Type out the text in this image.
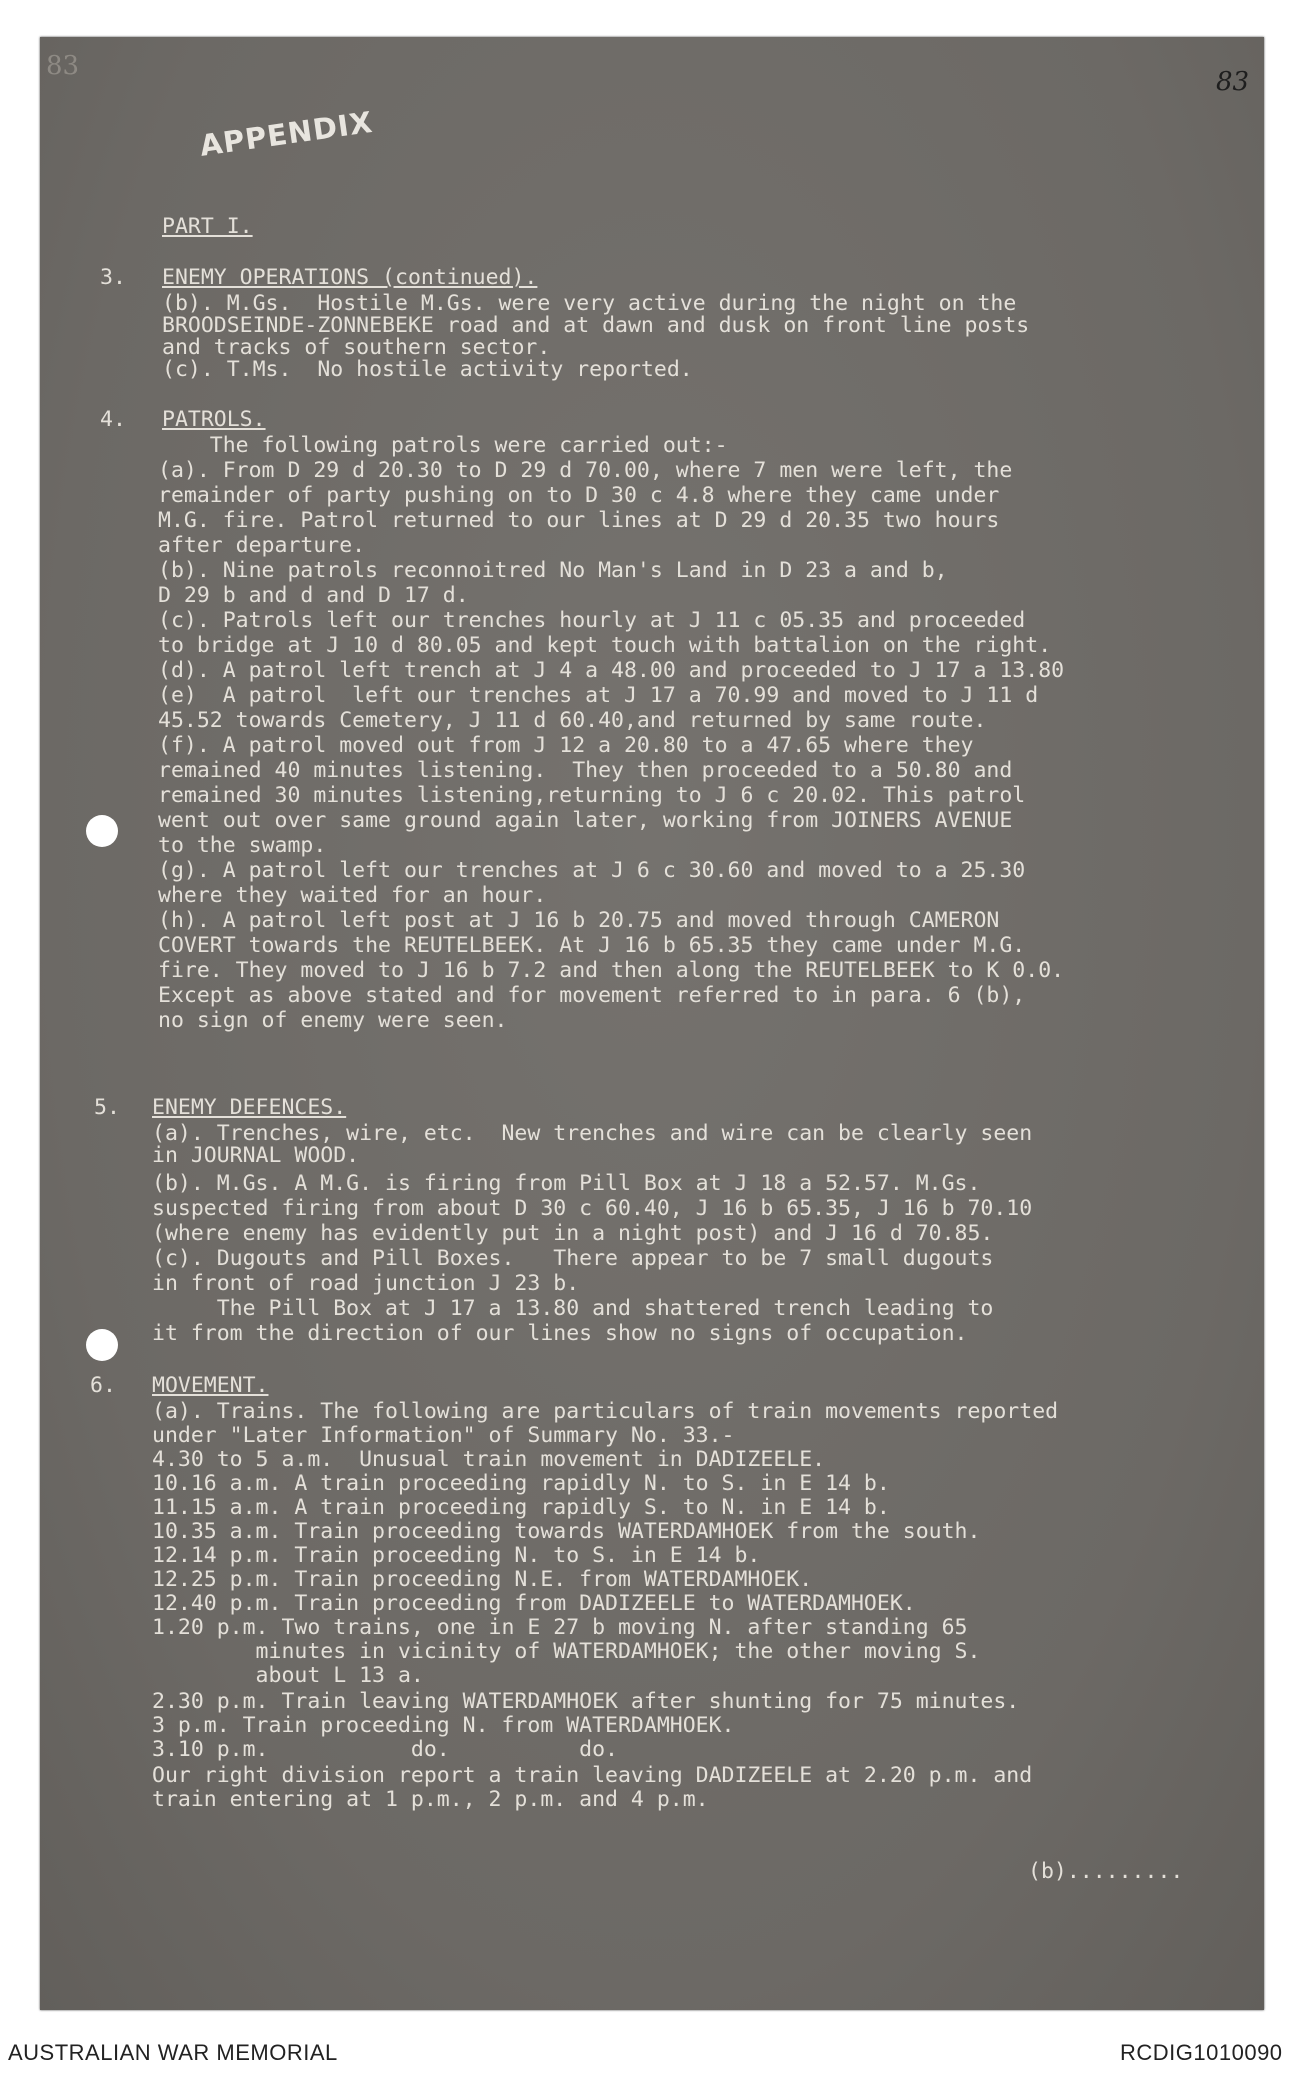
83
83
APPENDIX

PART I.

3. ENEMY OPERATIONS (continued).

(b). M.Gs.  Hostile M.Gs. were very active during the night on the

BROODSEINDE-ZONNEBEKE road and at dawn and dusk on front line posts

and tracks of southern sector.

(c). T.Ms.  No hostile activity reported.

4. PATROLS.

The following patrols were carried out:-

(a). From D 29 d 20.30 to D 29 d 70.00, where 7 men were left, the

remainder of party pushing on to D 30 c 4.8 where they came under

M.G. fire. Patrol returned to our lines at D 29 d 20.35 two hours

after departure.

(b). Nine patrols reconnoitred No Man's Land in D 23 a and b,

D 29 b and d and D 17 d.

(c). Patrols left our trenches hourly at J 11 c 05.35 and proceeded

to bridge at J 10 d 80.05 and kept touch with battalion on the right.

(d). A patrol left trench at J 4 a 48.00 and proceeded to J 17 a 13.80

(e)  A patrol  left our trenches at J 17 a 70.99 and moved to J 11 d

45.52 towards Cemetery, J 11 d 60.40,and returned by same route.

(f). A patrol moved out from J 12 a 20.80 to a 47.65 where they

remained 40 minutes listening.  They then proceeded to a 50.80 and

remained 30 minutes listening,returning to J 6 c 20.02. This patrol

went out over same ground again later, working from JOINERS AVENUE

to the swamp.

(g). A patrol left our trenches at J 6 c 30.60 and moved to a 25.30

where they waited for an hour.

(h). A patrol left post at J 16 b 20.75 and moved through CAMERON

COVERT towards the REUTELBEEK. At J 16 b 65.35 they came under M.G.

fire. They moved to J 16 b 7.2 and then along the REUTELBEEK to K 0.0.

Except as above stated and for movement referred to in para. 6 (b),

no sign of enemy were seen.

5. ENEMY DEFENCES.

(a). Trenches, wire, etc.  New trenches and wire can be clearly seen

in JOURNAL WOOD.

(b). M.Gs. A M.G. is firing from Pill Box at J 18 a 52.57. M.Gs.

suspected firing from about D 30 c 60.40, J 16 b 65.35, J 16 b 70.10

(where enemy has evidently put in a night post) and J 16 d 70.85.

(c). Dugouts and Pill Boxes.   There appear to be 7 small dugouts

in front of road junction J 23 b.

The Pill Box at J 17 a 13.80 and shattered trench leading to

it from the direction of our lines show no signs of occupation.

6. MOVEMENT.

(a). Trains. The following are particulars of train movements reported

under "Later Information" of Summary No. 33.-

4.30 to 5 a.m.  Unusual train movement in DADIZEELE.

10.16 a.m. A train proceeding rapidly N. to S. in E 14 b.

11.15 a.m. A train proceeding rapidly S. to N. in E 14 b.

10.35 a.m. Train proceeding towards WATERDAMHOEK from the south.

12.14 p.m. Train proceeding N. to S. in E 14 b.

12.25 p.m. Train proceeding N.E. from WATERDAMHOEK.

12.40 p.m. Train proceeding from DADIZEELE to WATERDAMHOEK.

1.20 p.m. Two trains, one in E 27 b moving N. after standing 65

minutes in vicinity of WATERDAMHOEK; the other moving S.

about L 13 a.

2.30 p.m. Train leaving WATERDAMHOEK after shunting for 75 minutes.

3 p.m. Train proceeding N. from WATERDAMHOEK.

3.10 p.m.           do.          do.

Our right division report a train leaving DADIZEELE at 2.20 p.m. and

train entering at 1 p.m., 2 p.m. and 4 p.m.

(b).........

AUSTRALIAN WAR MEMORIAL	RCDIG1010090
